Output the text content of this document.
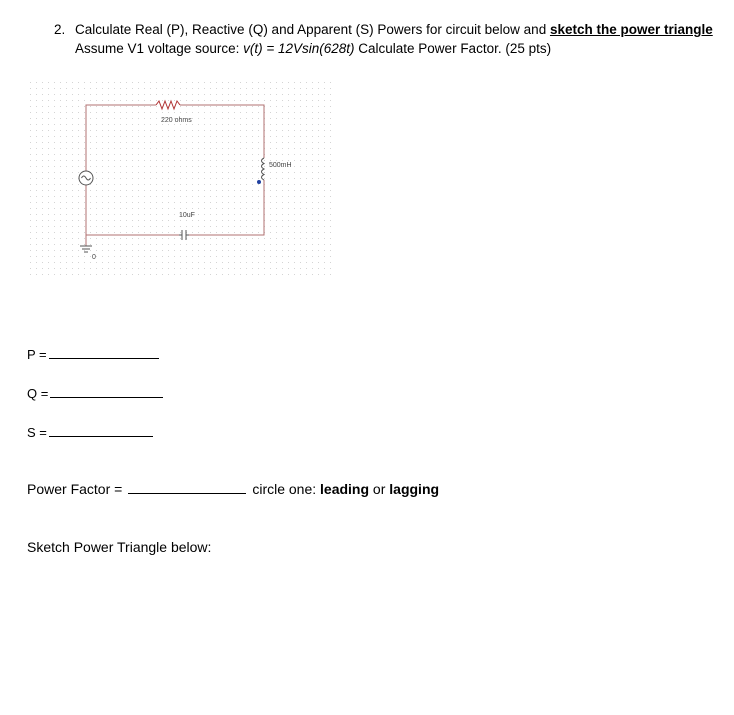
2. Calculate Real (P), Reactive (Q) and Apparent (S) Powers for circuit below and sketch the power triangle
Assume V1 voltage source: v(t) = 12Vsin(628t) Calculate Power Factor. (25 pts)
220 ohms
500mH
10uF
0
P =
Q =
S =
Power Factor =	circle one: leading or lagging
Sketch Power Triangle below:
